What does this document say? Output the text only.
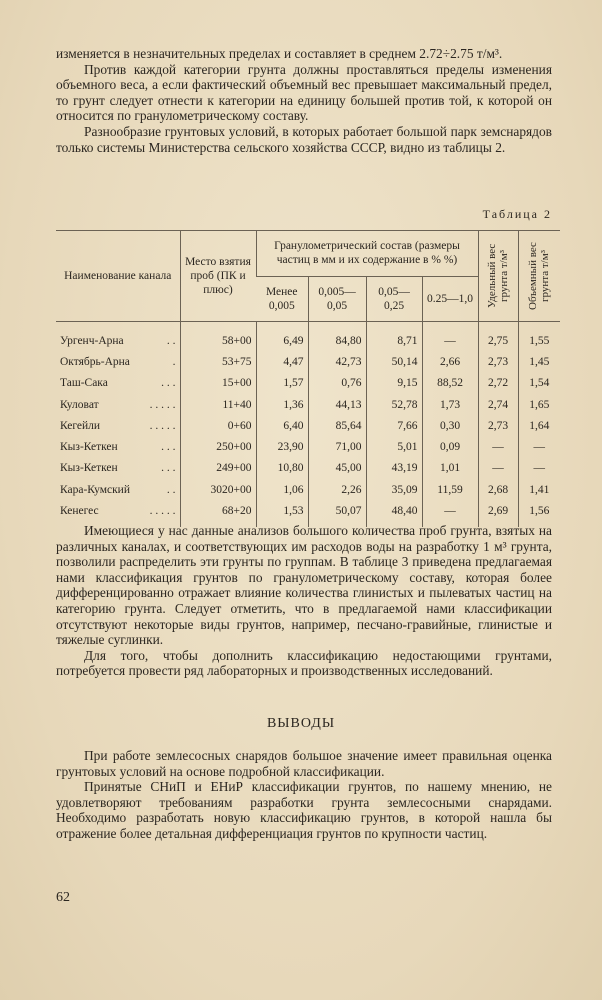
изменяется в незначительных пределах и составляет в среднем 2.72÷2.75 т/м³.

Против каждой категории грунта должны проставляться пределы изменения объемного веса, а если фактический объемный вес превышает максимальный предел, то грунт следует отнести к категории на единицу большей против той, к которой он относится по гранулометрическому составу.

Разнообразие грунтовых условий, в которых работает большой парк земснарядов только системы Министерства сельского хозяйства СССР, видно из таблицы 2.

Таблица 2
Наименование канала	Место взятия проб (ПК и плюс)	Гранулометрический состав (размеры частиц в мм и их содержание в % %)				Удельный вес грунта т/м³	Объемный вес грунта т/м³

		Менее 0,005	0,005—0,05	0,05—0,25	0.25—1,0		

Ургенч-Арна . .	58+00	6,49	84,80	8,71	—	2,75	1,55

Октябрь-Арна .	53+75	4,47	42,73	50,14	2,66	2,73	1,45

Таш-Сака . . .	15+00	1,57	0,76	9,15	88,52	2,72	1,54

Куловат . . . . .	11+40	1,36	44,13	52,78	1,73	2,74	1,65

Кегейли . . . . .	0+60	6,40	85,64	7,66	0,30	2,73	1,64

Кыз-Кеткен . . .	250+00	23,90	71,00	5,01	0,09	—	—

Кыз-Кеткен . . .	249+00	10,80	45,00	43,19	1,01	—	—

Кара-Кумский . .	3020+00	1,06	2,26	35,09	11,59	2,68	1,41

Кенегес . . . . .	68+20	1,53	50,07	48,40	—	2,69	1,56

Имеющиеся у нас данные анализов большого количества проб грунта, взятых на различных каналах, и соответствующих им расходов воды на разработку 1 м³ грунта, позволили распределить эти грунты по группам. В таблице 3 приведена предлагаемая нами классификация грунтов по гранулометрическому составу, которая более дифференцированно отражает влияние количества глинистых и пылеватых частиц на категорию грунта. Следует отметить, что в предлагаемой нами классификации отсутствуют некоторые виды грунтов, например, песчано-гравийные, глинистые и тяжелые суглинки.

Для того, чтобы дополнить классификацию недостающими грунтами, потребуется провести ряд лабораторных и производственных исследований.

ВЫВОДЫ

При работе землесосных снарядов большое значение имеет правильная оценка грунтовых условий на основе подробной классификации.

Принятые СНиП и ЕНиР классификации грунтов, по нашему мнению, не удовлетворяют требованиям разработки грунта землесосными снарядами. Необходимо разработать новую классификацию грунтов, в которой нашла бы отражение более детальная дифференциация грунтов по крупности частиц.

62
